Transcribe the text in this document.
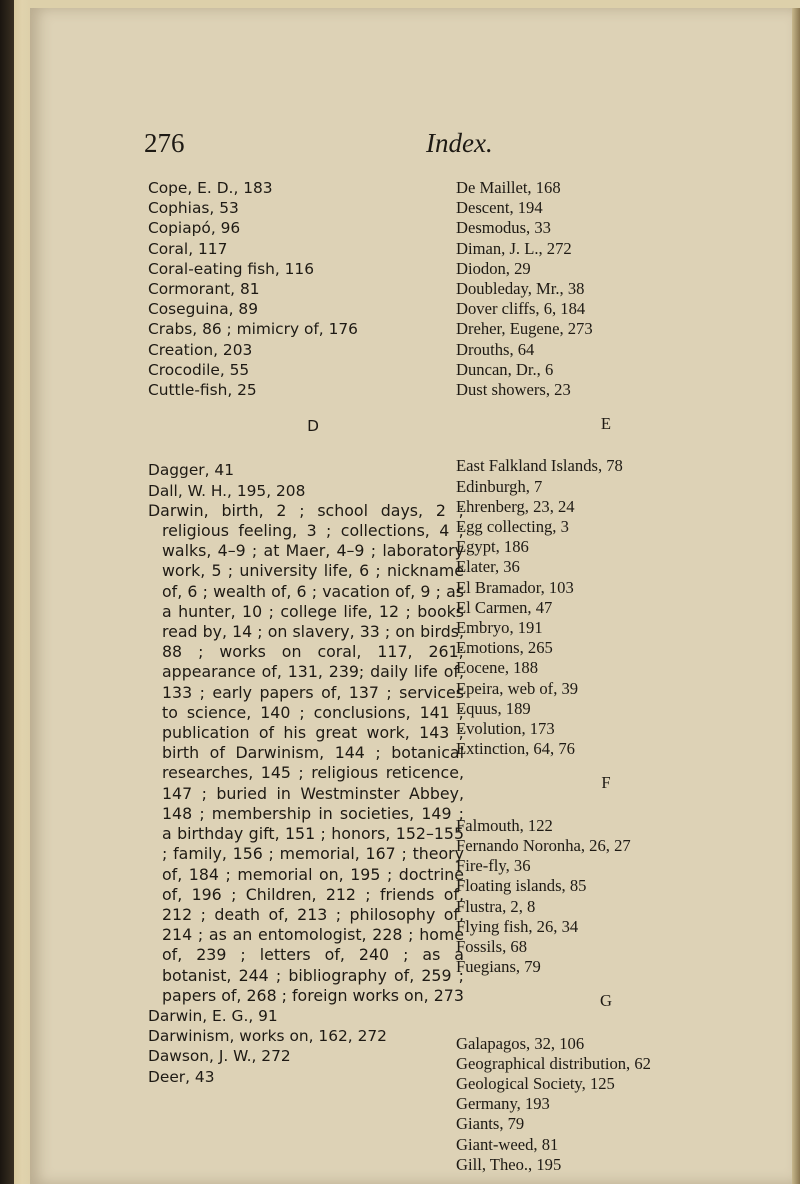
276	Index.
Cope, E. D., 183
Cophias, 53
Copiapó, 96
Coral, 117
Coral-eating fish, 116
Cormorant, 81
Coseguina, 89
Crabs, 86 ; mimicry of, 176
Creation, 203
Crocodile, 55
Cuttle-fish, 25
D
Dagger, 41
Dall, W. H., 195, 208
Darwin, birth, 2 ; school days, 2 ; religious feeling, 3 ; collections, 4 ; walks, 4–9 ; at Maer, 4–9 ; laboratory work, 5 ; university life, 6 ; nickname of, 6 ; wealth of, 6 ; vacation of, 9 ; as a hunter, 10 ; college life, 12 ; books read by, 14 ; on slavery, 33 ; on birds, 88 ; works on coral, 117, 261; appearance of, 131, 239; daily life of, 133 ; early papers of, 137 ; services to science, 140 ; conclusions, 141 ; publication of his great work, 143 ; birth of Darwinism, 144 ; botanical researches, 145 ; religious reticence, 147 ; buried in Westminster Abbey, 148 ; membership in societies, 149 ; a birthday gift, 151 ; honors, 152–155 ; family, 156 ; memorial, 167 ; theory of, 184 ; memorial on, 195 ; doctrine of, 196 ; Children, 212 ; friends of, 212 ; death of, 213 ; philosophy of, 214 ; as an entomologist, 228 ; home of, 239 ; letters of, 240 ; as a botanist, 244 ; bibliography of, 259 ; papers of, 268 ; foreign works on, 273
Darwin, E. G., 91
Darwinism, works on, 162, 272
Dawson, J. W., 272
Deer, 43
De Maillet, 168
Descent, 194
Desmodus, 33
Diman, J. L., 272
Diodon, 29
Doubleday, Mr., 38
Dover cliffs, 6, 184
Dreher, Eugene, 273
Drouths, 64
Duncan, Dr., 6
Dust showers, 23
E
East Falkland Islands, 78
Edinburgh, 7
Ehrenberg, 23, 24
Egg collecting, 3
Egypt, 186
Elater, 36
El Bramador, 103
El Carmen, 47
Embryo, 191
Emotions, 265
Eocene, 188
Epeira, web of, 39
Equus, 189
Evolution, 173
Extinction, 64, 76
F
Falmouth, 122
Fernando Noronha, 26, 27
Fire-fly, 36
Floating islands, 85
Flustra, 2, 8
Flying fish, 26, 34
Fossils, 68
Fuegians, 79
G
Galapagos, 32, 106
Geographical distribution, 62
Geological Society, 125
Germany, 193
Giants, 79
Giant-weed, 81
Gill, Theo., 195
